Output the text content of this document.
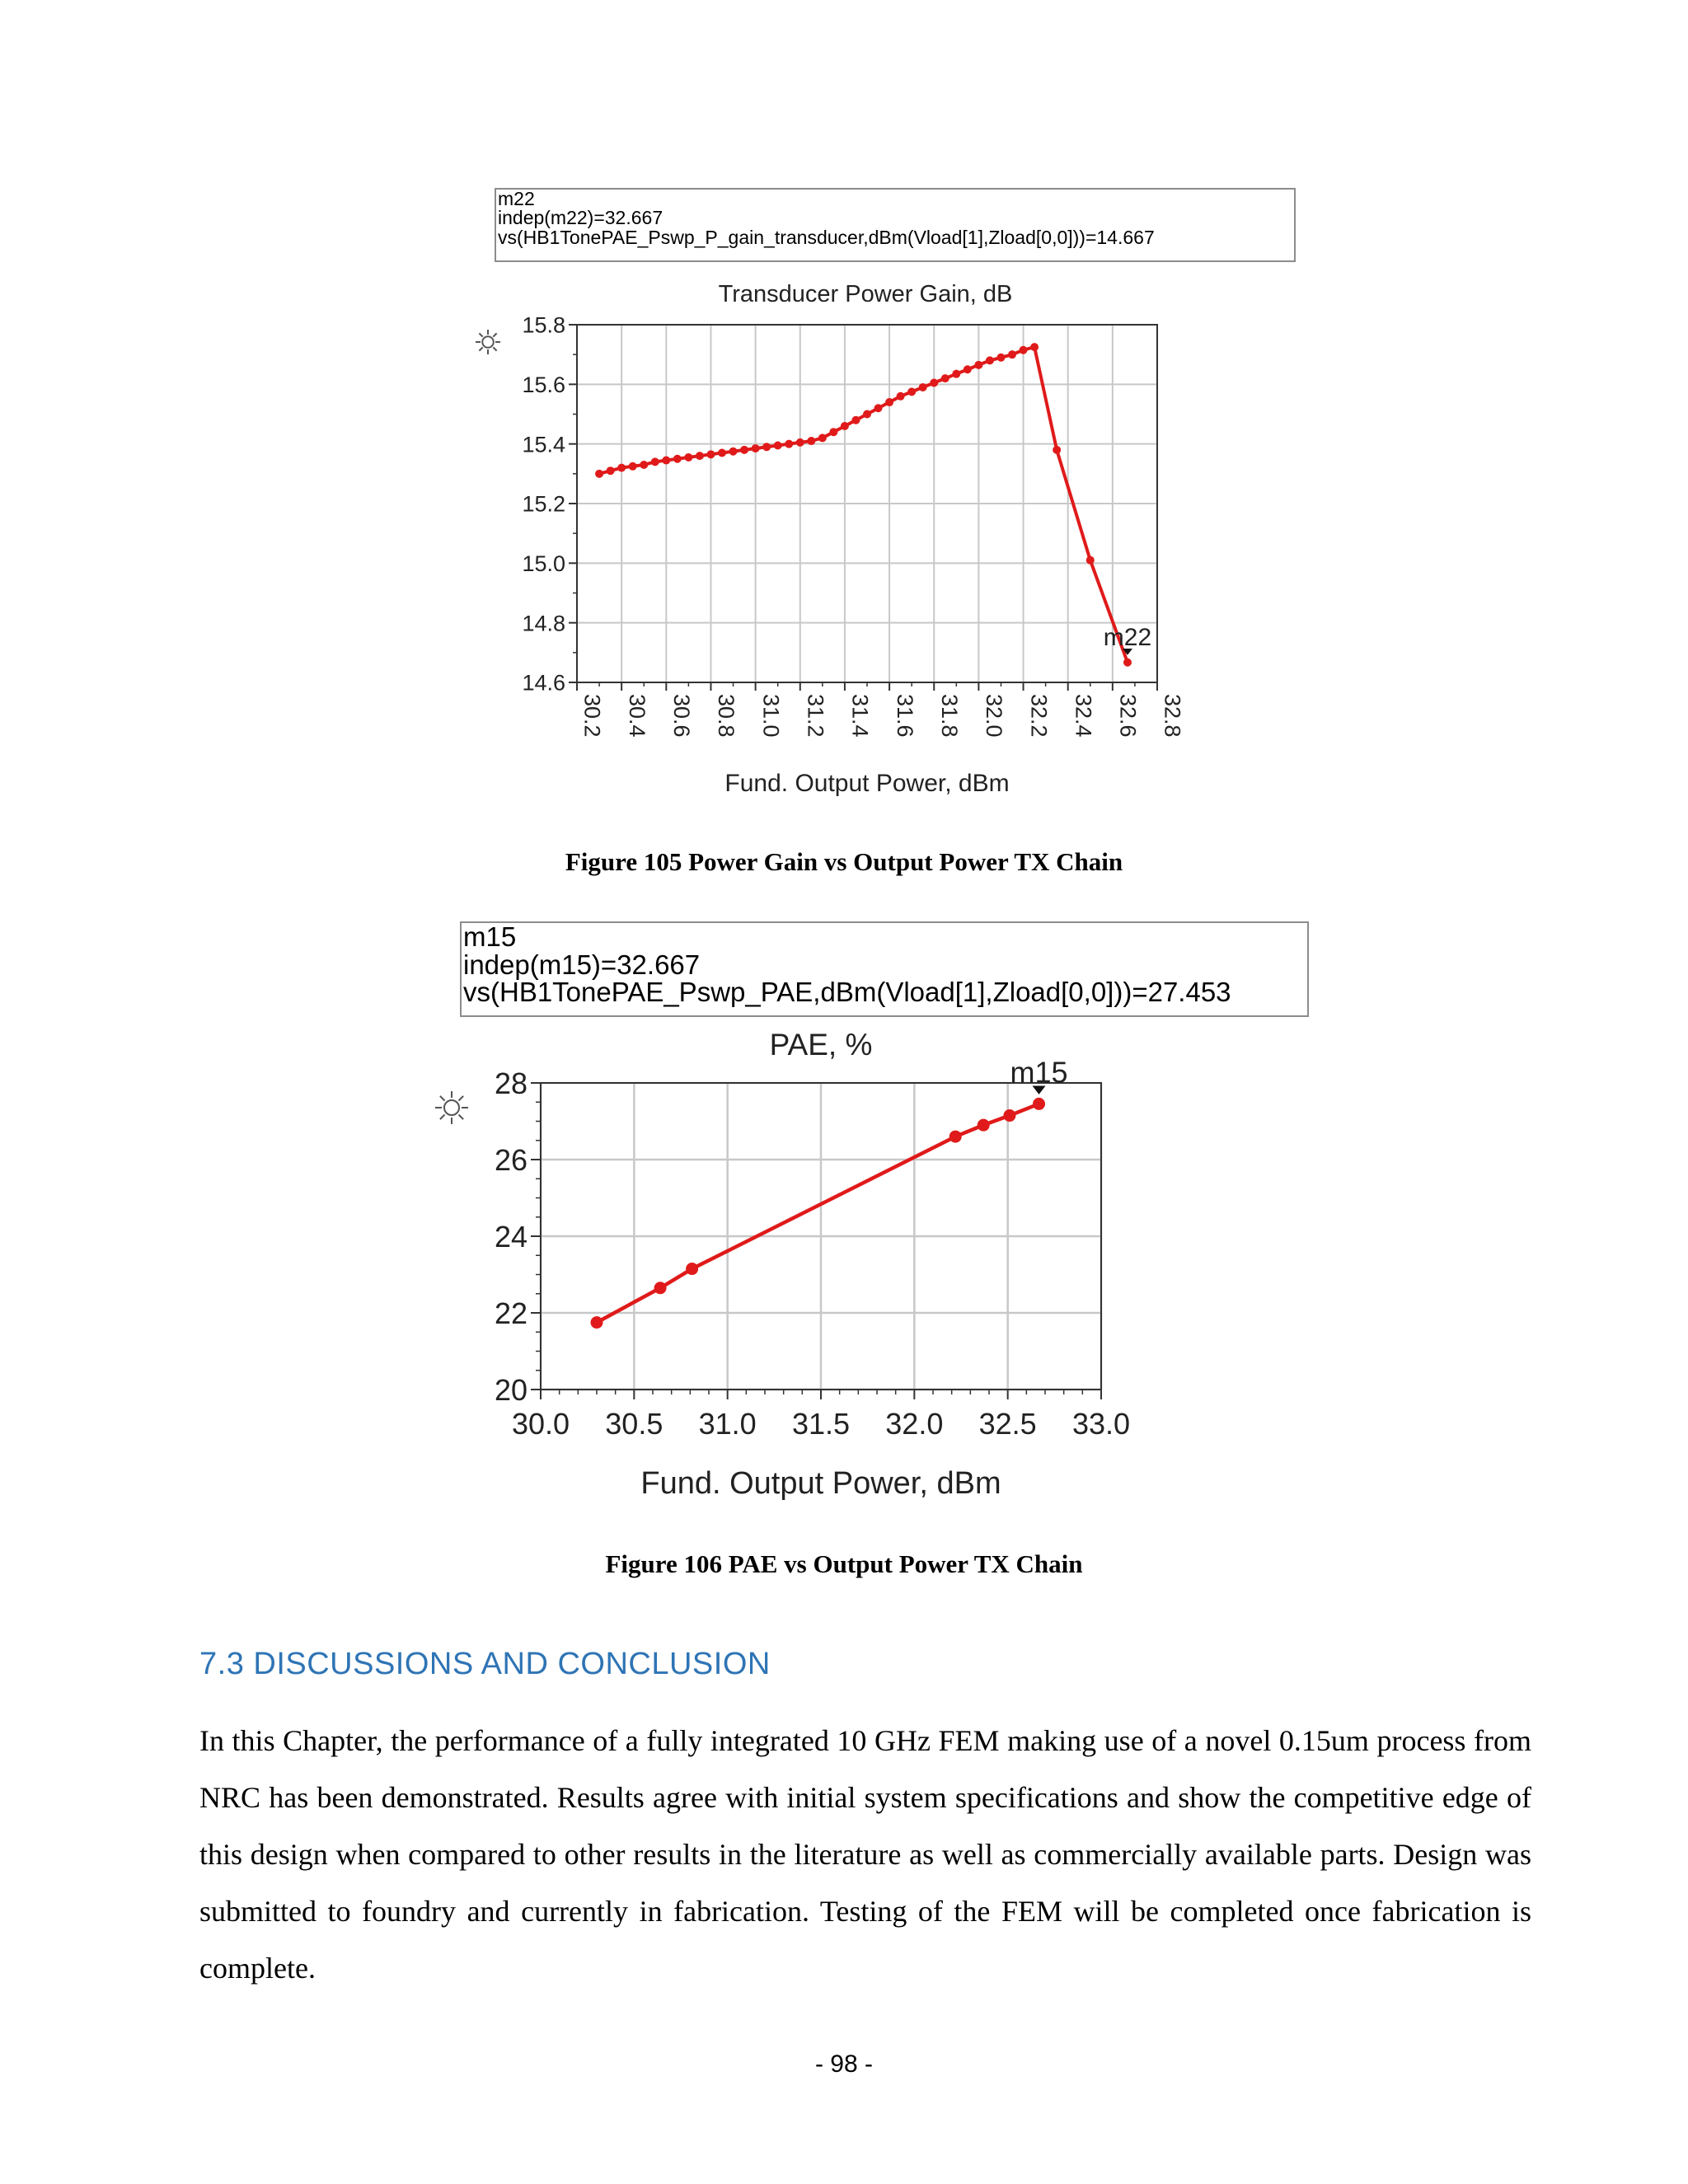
m22
indep(m22)=32.667
vs(HB1TonePAE_Pswp_P_gain_transducer,dBm(Vload[1],Zload[0,0]))=14.667
Transducer Power Gain, dB
15.8
15.6
15.4
15.2
15.0
14.8
14.6
30.2 30.4 30.6 30.8 31.0 31.2 31.4 31.6 31.8 32.0 32.2 32.4 32.6 32.8
Fund. Output Power, dBm
m22
Figure 105 Power Gain vs Output Power TX Chain
m15
indep(m15)=32.667
vs(HB1TonePAE_Pswp_PAE,dBm(Vload[1],Zload[0,0]))=27.453
PAE, %
28
26
24
22
20
30.0 30.5 31.0 31.5 32.0 32.5 33.0
Fund. Output Power, dBm
m15
Figure 106 PAE vs Output Power TX Chain
7.3 DISCUSSIONS AND CONCLUSION
In this Chapter, the performance of a fully integrated 10 GHz FEM making use of a novel 0.15um process from NRC has been demonstrated. Results agree with initial system specifications and show the competitive edge of this design when compared to other results in the literature as well as commercially available parts. Design was submitted to foundry and currently in fabrication. Testing of the FEM will be completed once fabrication is complete.
- 98 -
